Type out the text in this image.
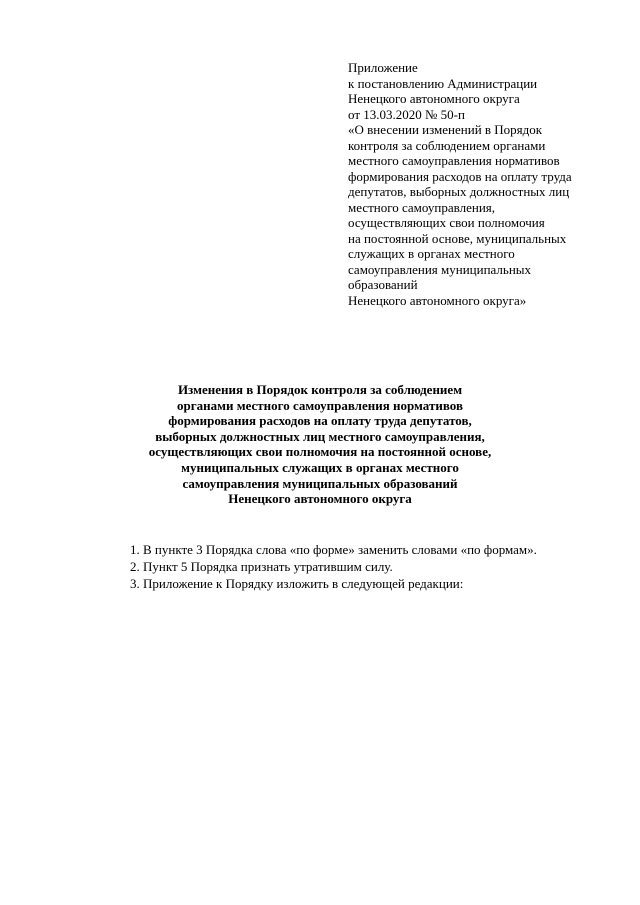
Приложение
к постановлению Администрации
Ненецкого автономного округа
от 13.03.2020 № 50-п
«О внесении изменений в Порядок
контроля за соблюдением органами
местного самоуправления нормативов
формирования расходов на оплату труда
депутатов, выборных должностных лиц
местного самоуправления,
осуществляющих свои полномочия
на постоянной основе, муниципальных
служащих в органах местного
самоуправления муниципальных
образований
Ненецкого автономного округа»
Изменения в Порядок контроля за соблюдением
органами местного самоуправления нормативов
формирования расходов на оплату труда депутатов,
выборных должностных лиц местного самоуправления,
осуществляющих свои полномочия на постоянной основе,
муниципальных служащих в органах местного
самоуправления муниципальных образований
Ненецкого автономного округа
1. В пункте 3 Порядка слова «по форме» заменить словами «по формам».
2. Пункт 5 Порядка признать утратившим силу.
3. Приложение к Порядку изложить в следующей редакции:
